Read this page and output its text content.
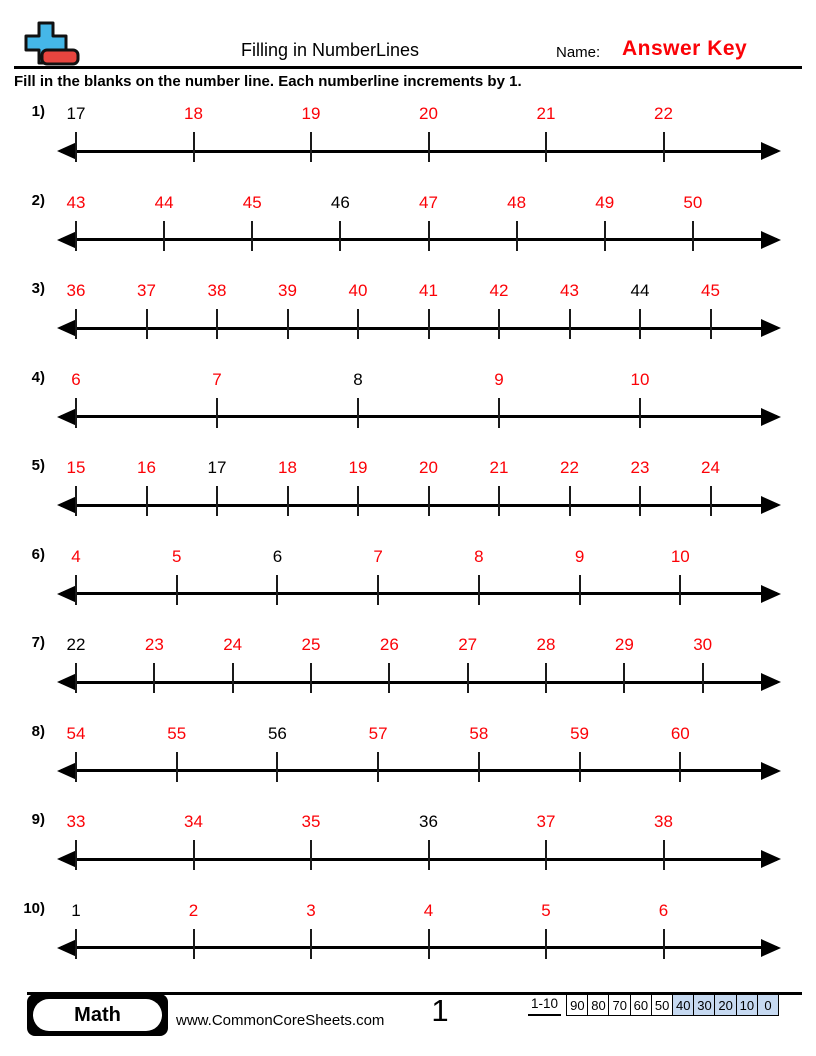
Filling in NumberLines	Name: Answer Key
Fill in the blanks on the number line. Each numberline increments by 1.
1) 17	18	19	20	21	22
2) 43	44	45	46	47	48	49	50
3) 36	37	38	39	40	41	42	43	44	45
4) 6	7	8	9	10
5) 15	16	17	18	19	20	21	22	23	24
6) 4	5	6	7	8	9	10
7) 22	23	24	25	26	27	28	29	30
8) 54	55	56	57	58	59	60
9) 33	34	35	36	37	38
10) 1	2	3	4	5	6
Math	www.CommonCoreSheets.com	1	1-10 90 80 70 60 50 40 30 20 10 0
